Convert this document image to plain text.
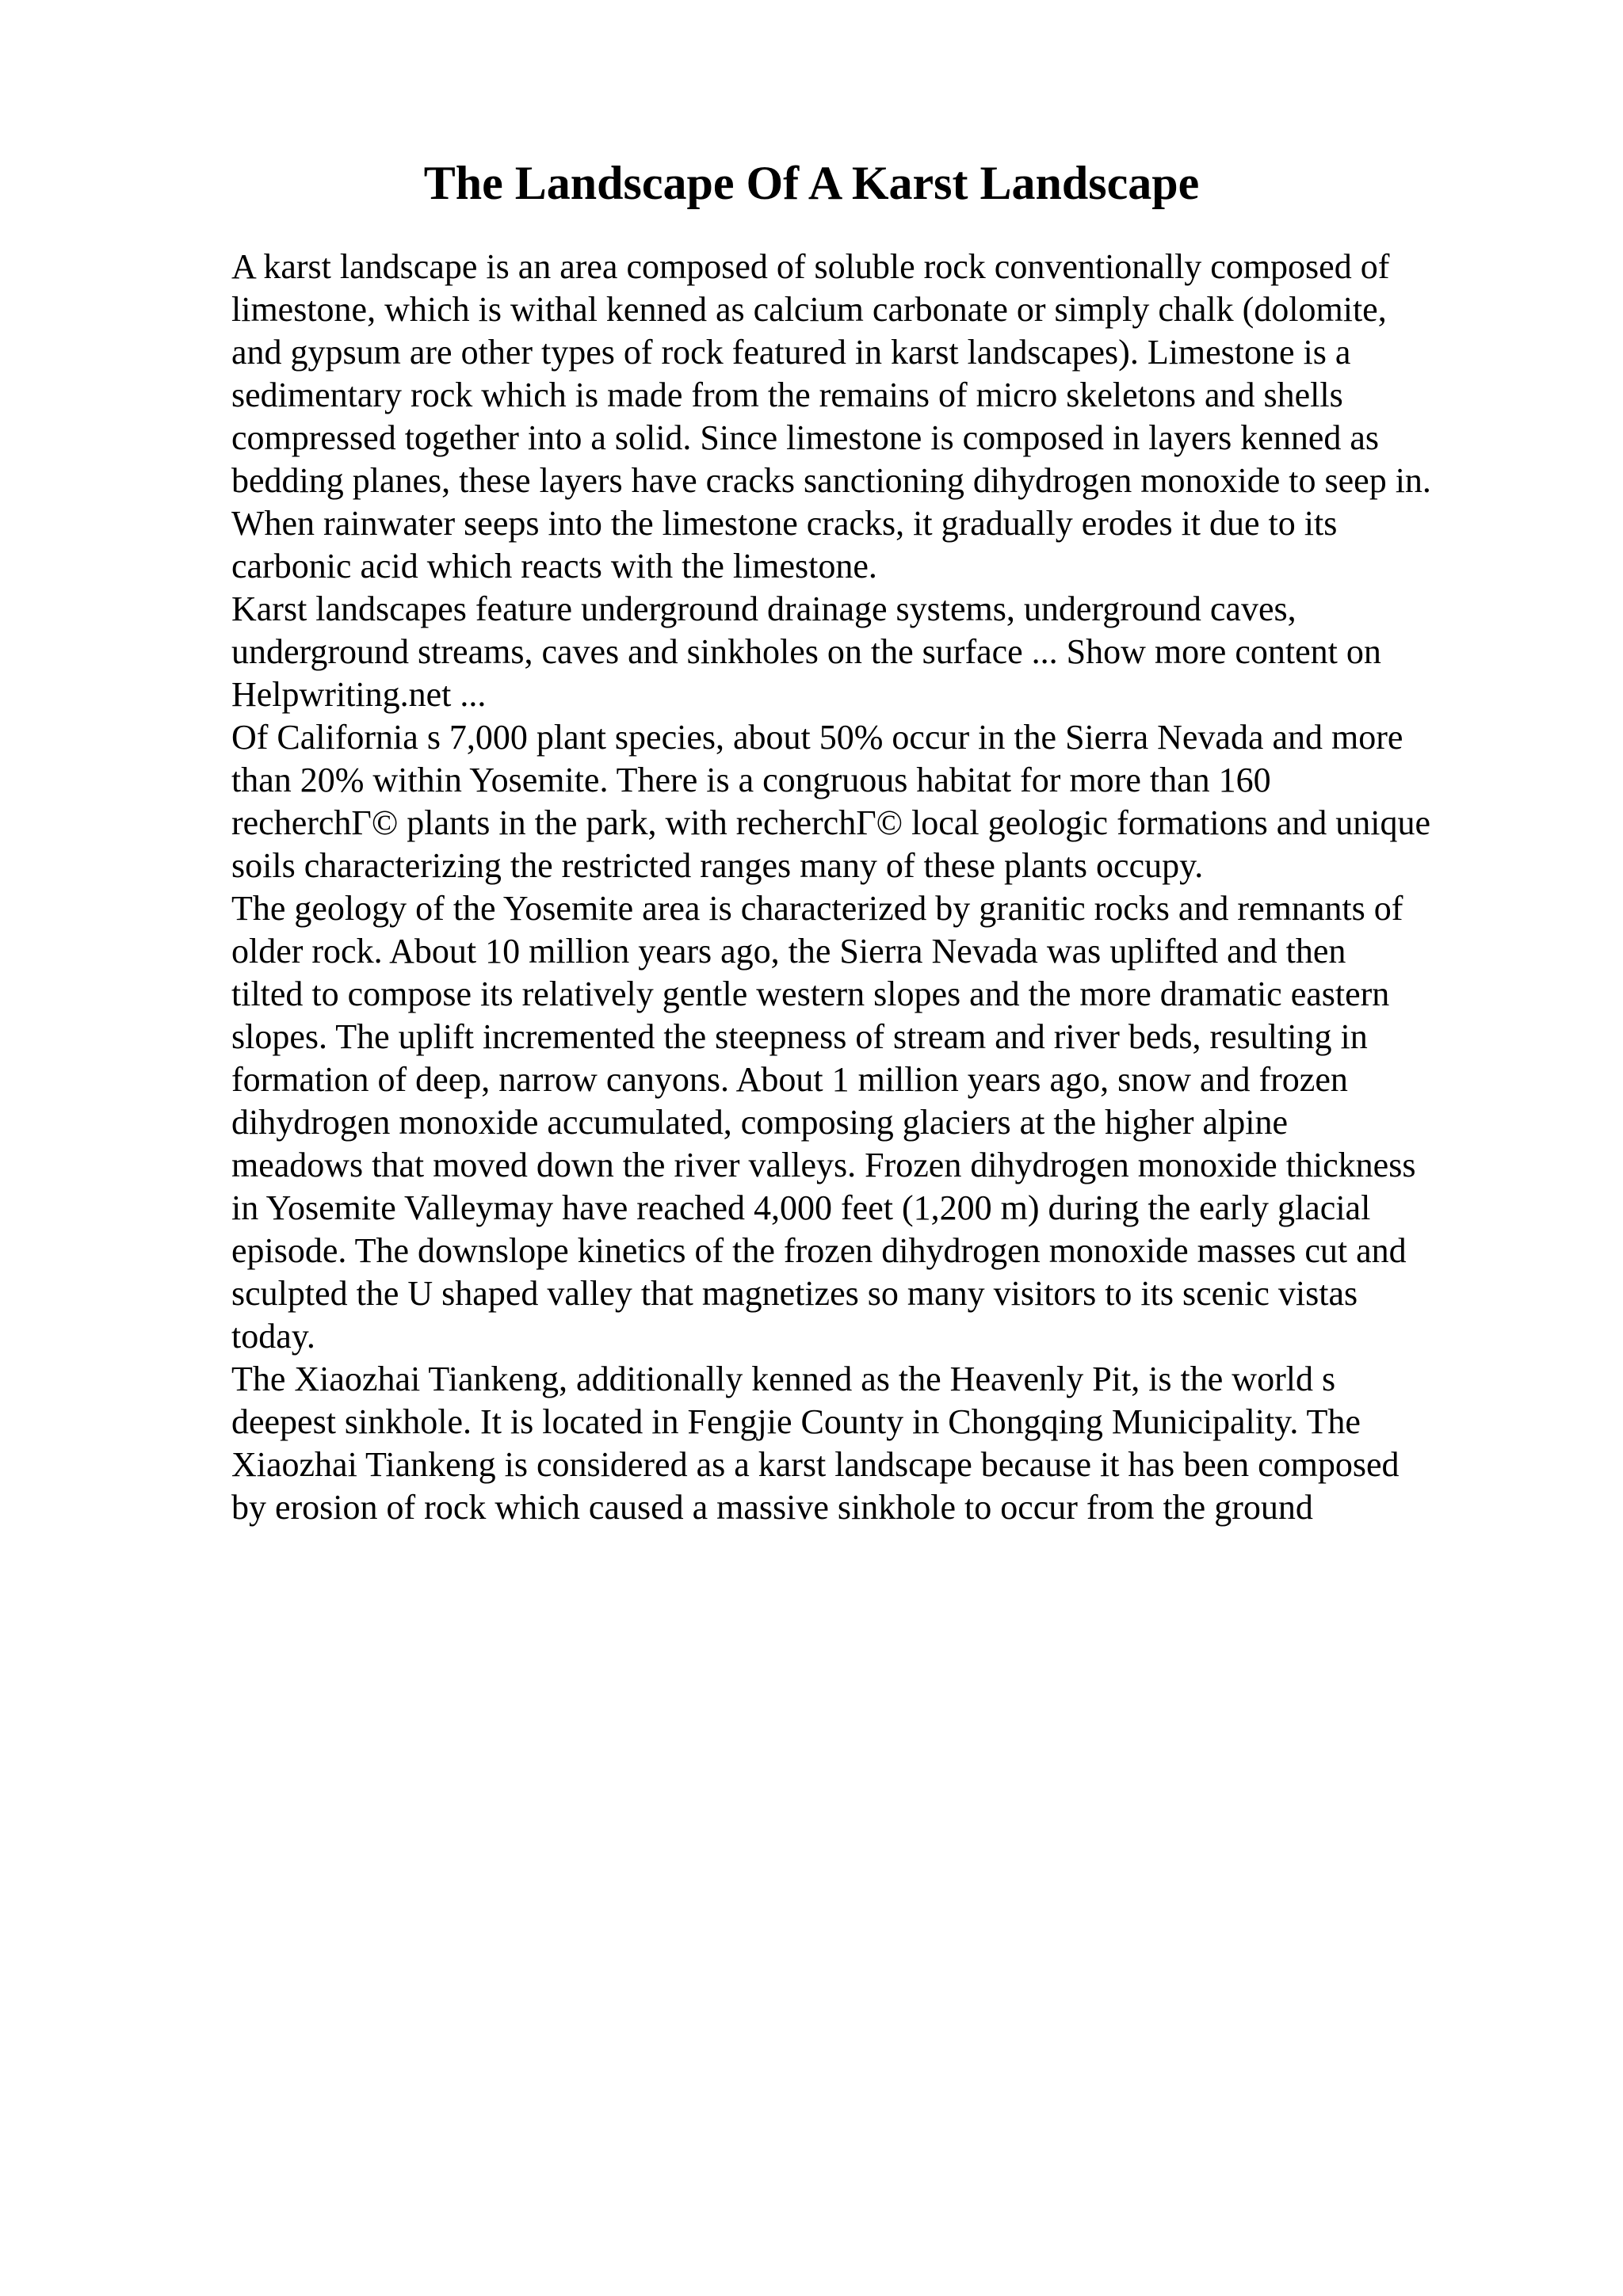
The Landscape Of A Karst Landscape
A karst landscape is an area composed of soluble rock conventionally composed of
limestone, which is withal kenned as calcium carbonate or simply chalk (dolomite,
and gypsum are other types of rock featured in karst landscapes). Limestone is a
sedimentary rock which is made from the remains of micro skeletons and shells
compressed together into a solid. Since limestone is composed in layers kenned as
bedding planes, these layers have cracks sanctioning dihydrogen monoxide to seep in.
When rainwater seeps into the limestone cracks, it gradually erodes it due to its
carbonic acid which reacts with the limestone.
Karst landscapes feature underground drainage systems, underground caves,
underground streams, caves and sinkholes on the surface ... Show more content on
Helpwriting.net ...
Of California s 7,000 plant species, about 50% occur in the Sierra Nevada and more
than 20% within Yosemite. There is a congruous habitat for more than 160
recherchГ© plants in the park, with recherchГ© local geologic formations and unique
soils characterizing the restricted ranges many of these plants occupy.
The geology of the Yosemite area is characterized by granitic rocks and remnants of
older rock. About 10 million years ago, the Sierra Nevada was uplifted and then
tilted to compose its relatively gentle western slopes and the more dramatic eastern
slopes. The uplift incremented the steepness of stream and river beds, resulting in
formation of deep, narrow canyons. About 1 million years ago, snow and frozen
dihydrogen monoxide accumulated, composing glaciers at the higher alpine
meadows that moved down the river valleys. Frozen dihydrogen monoxide thickness
in Yosemite Valleymay have reached 4,000 feet (1,200 m) during the early glacial
episode. The downslope kinetics of the frozen dihydrogen monoxide masses cut and
sculpted the U shaped valley that magnetizes so many visitors to its scenic vistas
today.
The Xiaozhai Tiankeng, additionally kenned as the Heavenly Pit, is the world s
deepest sinkhole. It is located in Fengjie County in Chongqing Municipality. The
Xiaozhai Tiankeng is considered as a karst landscape because it has been composed
by erosion of rock which caused a massive sinkhole to occur from the ground
